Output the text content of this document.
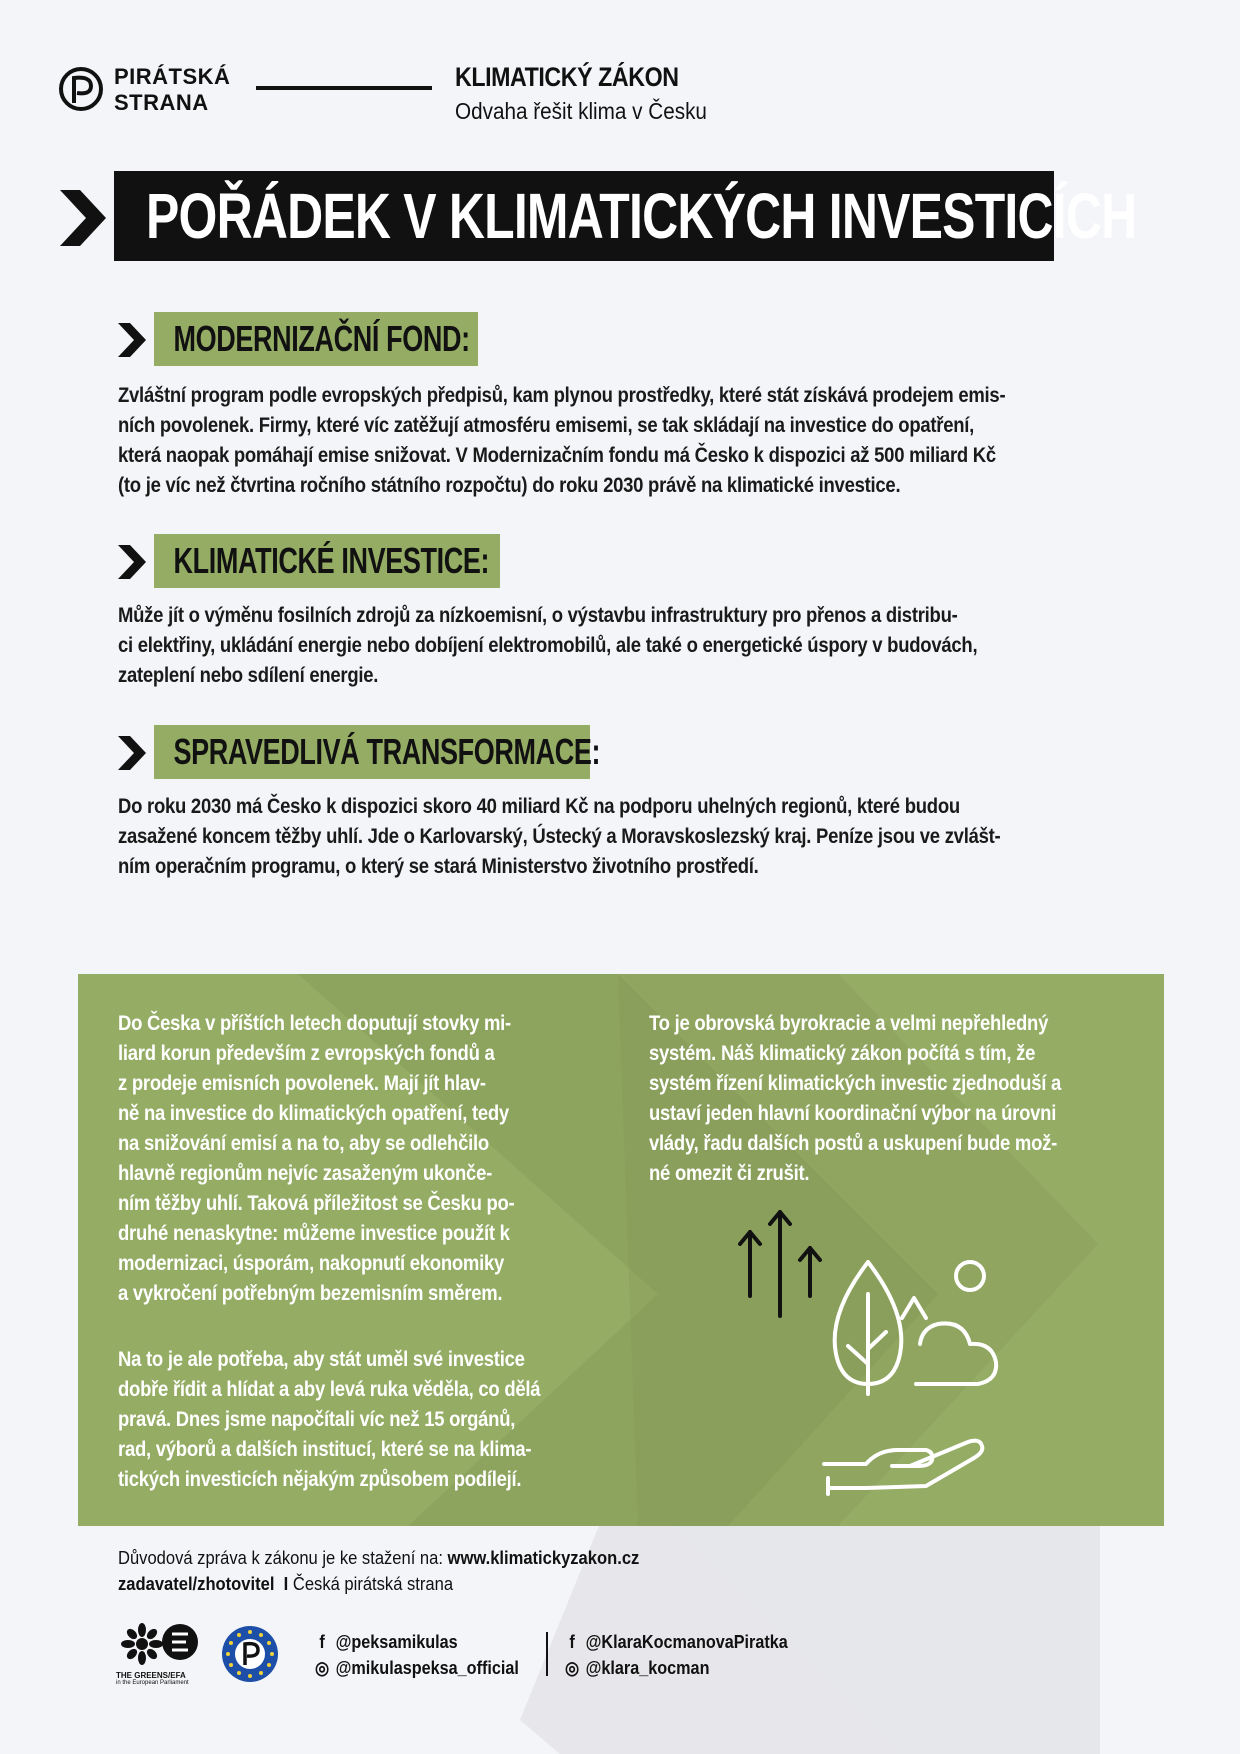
PIRÁTSKÁ
STRANA
KLIMATICKÝ ZÁKON
Odvaha řešit klima v Česku
POŘÁDEK V KLIMATICKÝCH INVESTICÍCH
MODERNIZAČNÍ FOND:
Zvláštní program podle evropských předpisů, kam plynou prostředky, které stát získává prodejem emis-
ních povolenek. Firmy, které víc zatěžují atmosféru emisemi, se tak skládají na investice do opatření,
která naopak pomáhají emise snižovat. V Modernizačním fondu má Česko k dispozici až 500 miliard Kč
(to je víc než čtvrtina ročního státního rozpočtu) do roku 2030 právě na klimatické investice.
KLIMATICKÉ INVESTICE:
Může jít o výměnu fosilních zdrojů za nízkoemisní, o výstavbu infrastruktury pro přenos a distribu-
ci elektřiny, ukládání energie nebo dobíjení elektromobilů, ale také o energetické úspory v budovách,
zateplení nebo sdílení energie.
SPRAVEDLIVÁ TRANSFORMACE:
Do roku 2030 má Česko k dispozici skoro 40 miliard Kč na podporu uhelných regionů, které budou
zasažené koncem těžby uhlí. Jde o Karlovarský, Ústecký a Moravskoslezský kraj. Peníze jsou ve zvlášt-
ním operačním programu, o který se stará Ministerstvo životního prostředí.
Do Česka v příštích letech doputují stovky mi-
liard korun především z evropských fondů a
z prodeje emisních povolenek. Mají jít hlav-
ně na investice do klimatických opatření, tedy
na snižování emisí a na to, aby se odlehčilo
hlavně regionům nejvíc zasaženým ukonče-
ním těžby uhlí. Taková příležitost se Česku po-
druhé nenaskytne: můžeme investice použít k
modernizaci, úsporám, nakopnutí ekonomiky
a vykročení potřebným bezemisním směrem.
Na to je ale potřeba, aby stát uměl své investice
dobře řídit a hlídat a aby levá ruka věděla, co dělá
pravá. Dnes jsme napočítali víc než 15 orgánů,
rad, výborů a dalších institucí, které se na klima-
tických investicích nějakým způsobem podílejí.
To je obrovská byrokracie a velmi nepřehledný
systém. Náš klimatický zákon počítá s tím, že
systém řízení klimatických investic zjednoduší a
ustaví jeden hlavní koordinační výbor na úrovni
vlády, řadu dalších postů a uskupení bude mož-
né omezit či zrušit.
Důvodová zpráva k zákonu je ke stažení na: www.klimatickyzakon.cz
zadavatel/zhotovitel I Česká pirátská strana
THE GREENS/EFA
in the European Parliament
f @peksamikulas
◎ @mikulaspeksa_official
f @KlaraKocmanovaPiratka
◎ @klara_kocman
